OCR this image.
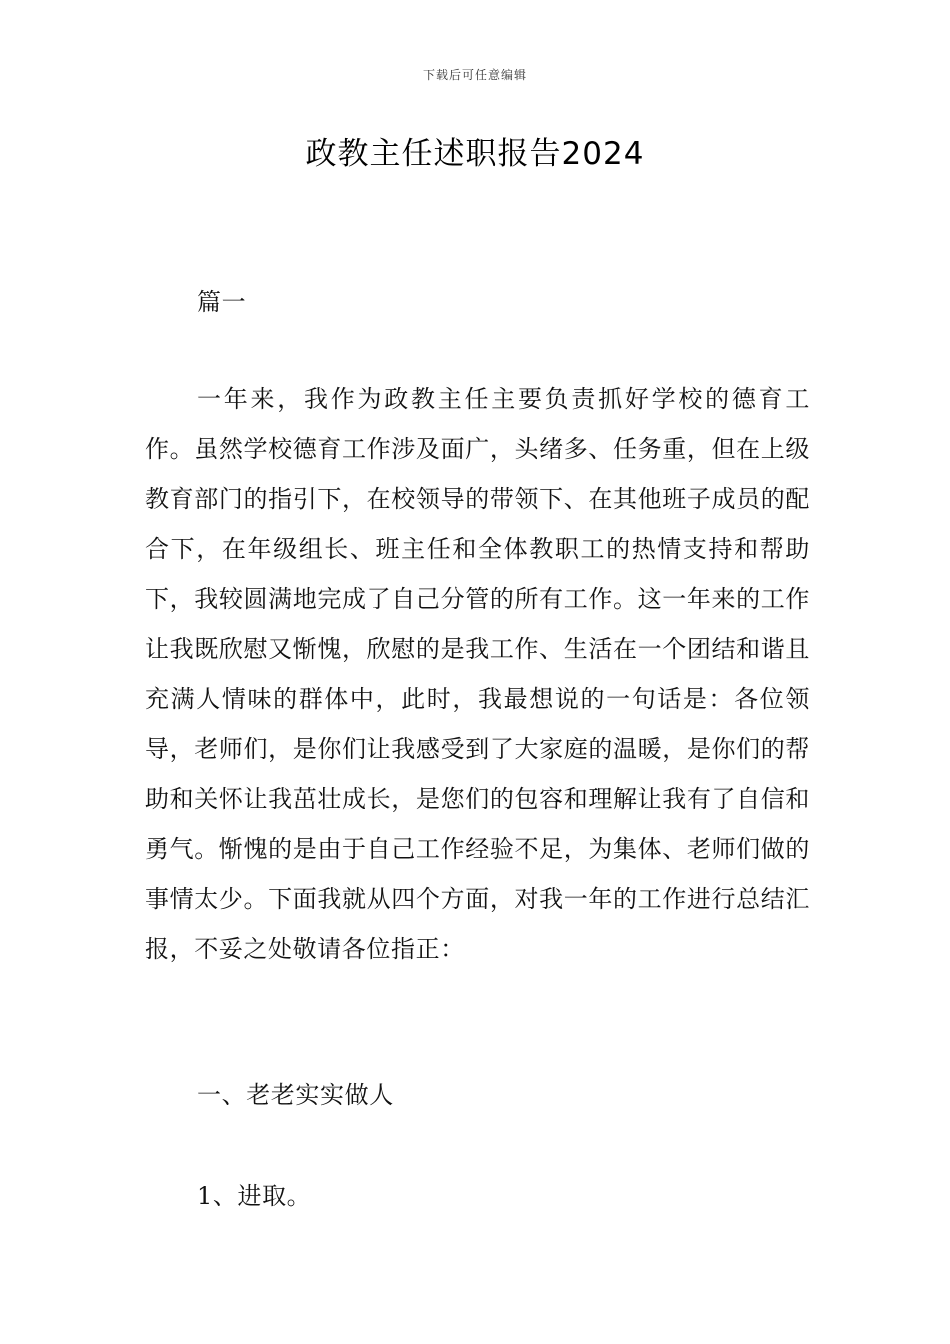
下载后可任意编辑
政教主任述职报告2024

篇一

一年来，我作为政教主任主要负责抓好学校的德育工作。虽然学校德育工作涉及面广，头绪多、任务重，但在上级教育部门的指引下，在校领导的带领下、在其他班子成员的配合下，在年级组长、班主任和全体教职工的热情支持和帮助下，我较圆满地完成了自己分管的所有工作。这一年来的工作让我既欣慰又惭愧，欣慰的是我工作、生活在一个团结和谐且充满人情味的群体中，此时，我最想说的一句话是：各位领导，老师们，是你们让我感受到了大家庭的温暖，是你们的帮助和关怀让我茁壮成长，是您们的包容和理解让我有了自信和勇气。惭愧的是由于自己工作经验不足，为集体、老师们做的事情太少。下面我就从四个方面，对我一年的工作进行总结汇报，不妥之处敬请各位指正：

一、老老实实做人

1、进取。
